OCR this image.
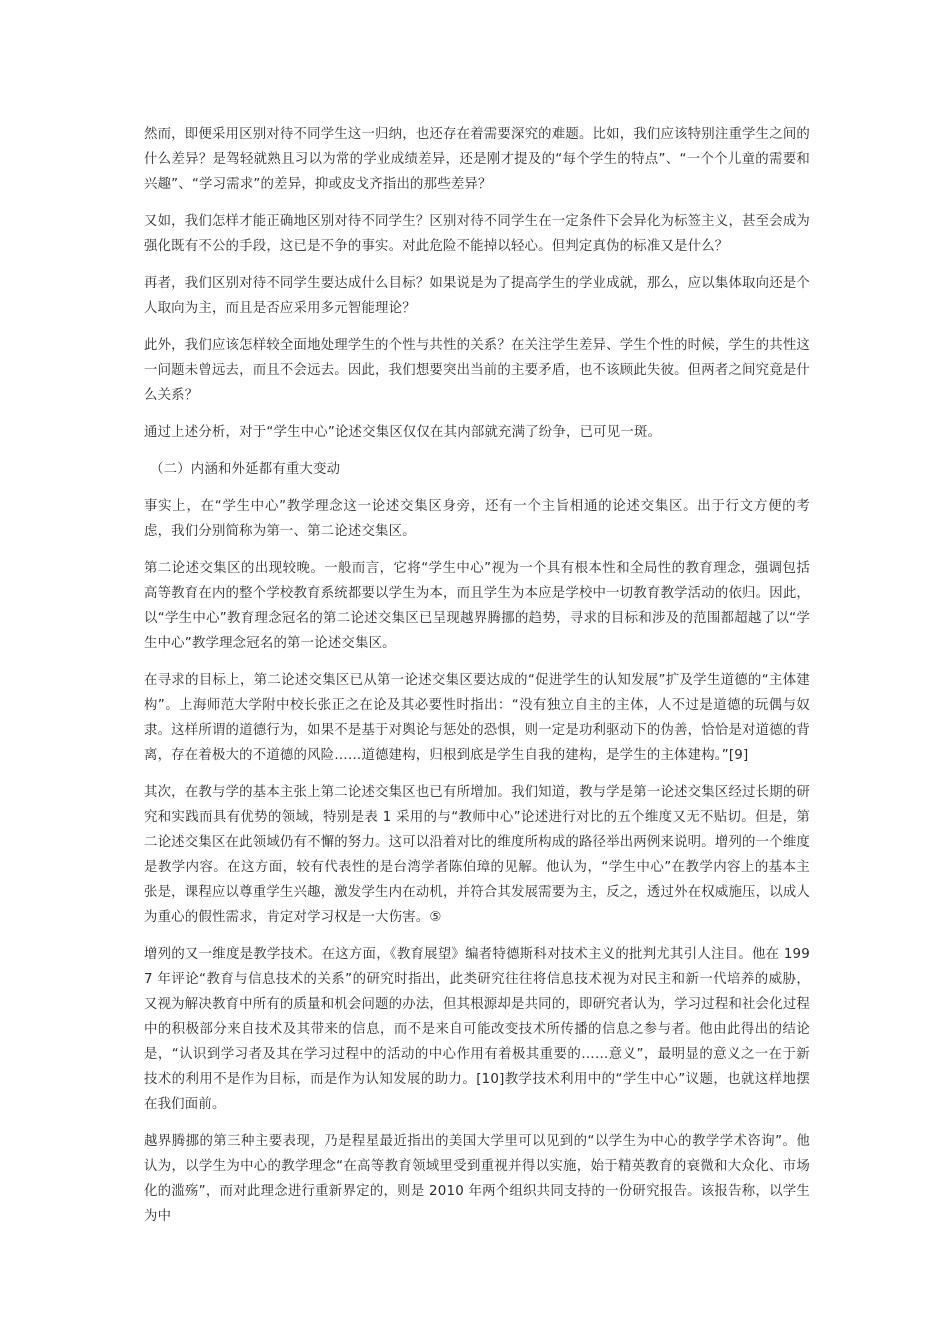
然而，即便采用区别对待不同学生这一归纳，也还存在着需要深究的难题。比如，我们应该特别注重学生之间的什么差异？是驾轻就熟且习以为常的学业成绩差异，还是刚才提及的“每个学生的特点”、“一个个儿童的需要和兴趣”、“学习需求”的差异，抑或皮戈齐指出的那些差异？

又如，我们怎样才能正确地区别对待不同学生？区别对待不同学生在一定条件下会异化为标签主义，甚至会成为强化既有不公的手段，这已是不争的事实。对此危险不能掉以轻心。但判定真伪的标准又是什么？

再者，我们区别对待不同学生要达成什么目标？如果说是为了提高学生的学业成就，那么，应以集体取向还是个人取向为主，而且是否应采用多元智能理论？

此外，我们应该怎样较全面地处理学生的个性与共性的关系？在关注学生差异、学生个性的时候，学生的共性这一问题未曾远去，而且不会远去。因此，我们想要突出当前的主要矛盾，也不该顾此失彼。但两者之间究竟是什么关系？

通过上述分析，对于“学生中心”论述交集区仅仅在其内部就充满了纷争，已可见一斑。

（二）内涵和外延都有重大变动

事实上，在“学生中心”教学理念这一论述交集区身旁，还有一个主旨相通的论述交集区。出于行文方便的考虑，我们分别简称为第一、第二论述交集区。

第二论述交集区的出现较晚。一般而言，它将“学生中心”视为一个具有根本性和全局性的教育理念，强调包括高等教育在内的整个学校教育系统都要以学生为本，而且学生为本应是学校中一切教育教学活动的依归。因此，以“学生中心”教育理念冠名的第二论述交集区已呈现越界腾挪的趋势，寻求的目标和涉及的范围都超越了以“学生中心”教学理念冠名的第一论述交集区。

在寻求的目标上，第二论述交集区已从第一论述交集区要达成的“促进学生的认知发展”扩及学生道德的“主体建构”。上海师范大学附中校长张正之在论及其必要性时指出：“没有独立自主的主体，人不过是道德的玩偶与奴隶。这样所谓的道德行为，如果不是基于对舆论与惩处的恐惧，则一定是功利驱动下的伪善，恰恰是对道德的背离，存在着极大的不道德的风险……道德建构，归根到底是学生自我的建构，是学生的主体建构。”[9]

其次，在教与学的基本主张上第二论述交集区也已有所增加。我们知道，教与学是第一论述交集区经过长期的研究和实践而具有优势的领域，特别是表 1 采用的与“教师中心”论述进行对比的五个维度又无不贴切。但是，第二论述交集区在此领域仍有不懈的努力。这可以沿着对比的维度所构成的路径举出两例来说明。增列的一个维度是教学内容。在这方面，较有代表性的是台湾学者陈伯璋的见解。他认为，“学生中心”在教学内容上的基本主张是，课程应以尊重学生兴趣，激发学生内在动机，并符合其发展需要为主，反之，透过外在权威施压，以成人为重心的假性需求，肯定对学习权是一大伤害。⑤

增列的又一维度是教学技术。在这方面，《教育展望》编者特德斯科对技术主义的批判尤其引人注目。他在 1997 年评论“教育与信息技术的关系”的研究时指出，此类研究往往将信息技术视为对民主和新一代培养的威胁，又视为解决教育中所有的质量和机会问题的办法，但其根源却是共同的，即研究者认为，学习过程和社会化过程中的积极部分来自技术及其带来的信息，而不是来自可能改变技术所传播的信息之参与者。他由此得出的结论是，“认识到学习者及其在学习过程中的活动的中心作用有着极其重要的……意义”，最明显的意义之一在于新技术的利用不是作为目标，而是作为认知发展的助力。[10]教学技术利用中的“学生中心”议题，也就这样地摆在我们面前。

越界腾挪的第三种主要表现，乃是程星最近指出的美国大学里可以见到的“以学生为中心的教学学术咨询”。他认为，以学生为中心的教学理念“在高等教育领域里受到重视并得以实施，始于精英教育的衰微和大众化、市场化的滥殇”，而对此理念进行重新界定的，则是 2010 年两个组织共同支持的一份研究报告。该报告称，以学生为中
